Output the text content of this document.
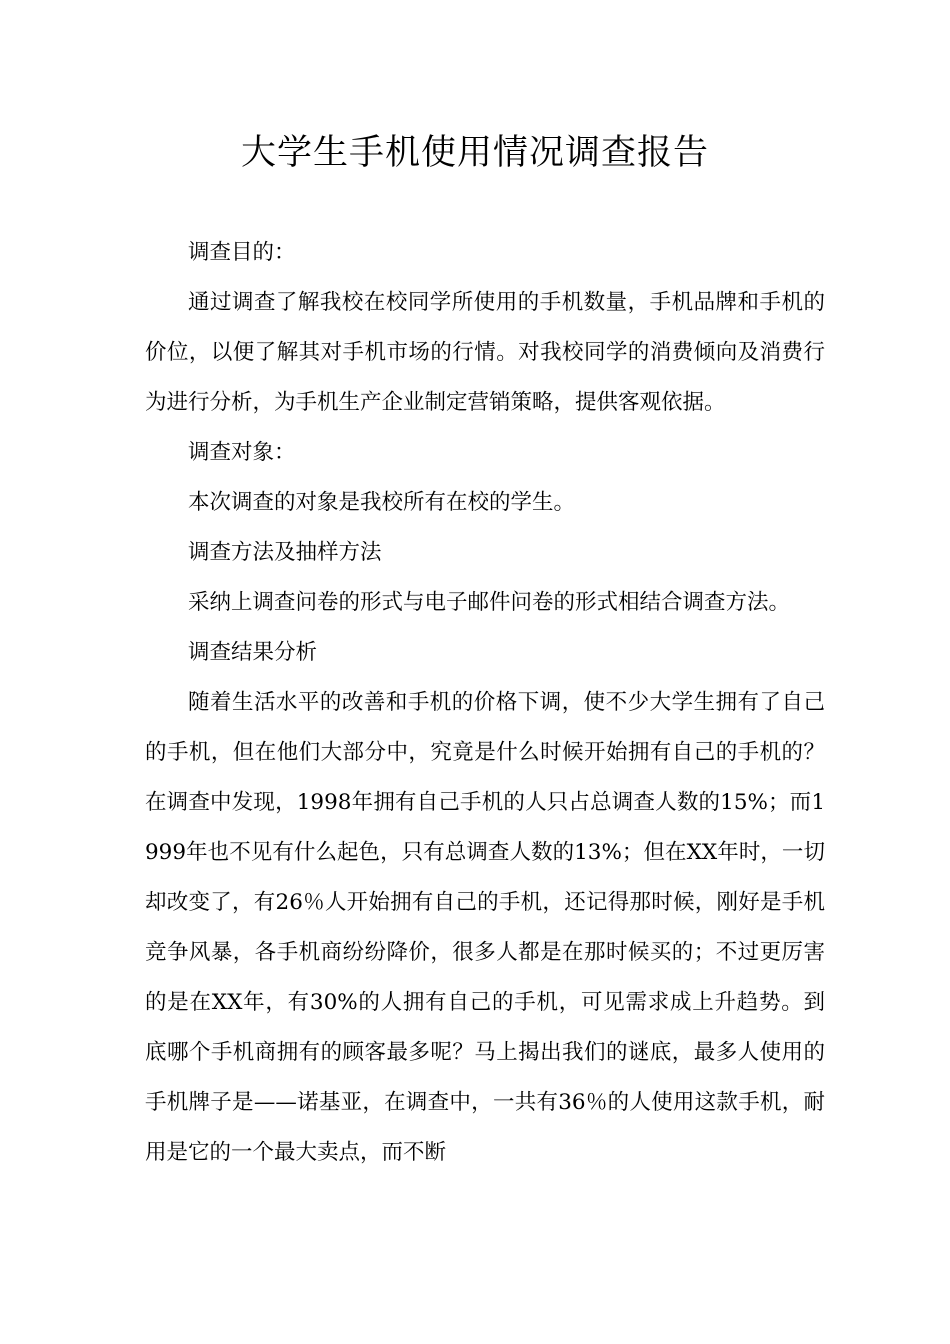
大学生手机使用情况调查报告

调查目的：

通过调查了解我校在校同学所使用的手机数量，手机品牌和手机的价位，以便了解其对手机市场的行情。对我校同学的消费倾向及消费行为进行分析，为手机生产企业制定营销策略，提供客观依据。

调查对象：

本次调查的对象是我校所有在校的学生。

调查方法及抽样方法

采纳上调查问卷的形式与电子邮件问卷的形式相结合调查方法。

调查结果分析

随着生活水平的改善和手机的价格下调，使不少大学生拥有了自己的手机，但在他们大部分中，究竟是什么时候开始拥有自己的手机的？在调查中发现，1998年拥有自己手机的人只占总调查人数的15%；而1999年也不见有什么起色，只有总调查人数的13%；但在XX年时，一切却改变了，有26％人开始拥有自己的手机，还记得那时候，刚好是手机竞争风暴，各手机商纷纷降价，很多人都是在那时候买的；不过更厉害的是在XX年，有30%的人拥有自己的手机，可见需求成上升趋势。到底哪个手机商拥有的顾客最多呢？马上揭出我们的谜底，最多人使用的手机牌子是——诺基亚，在调查中，一共有36％的人使用这款手机，耐用是它的一个最大卖点，而不断
